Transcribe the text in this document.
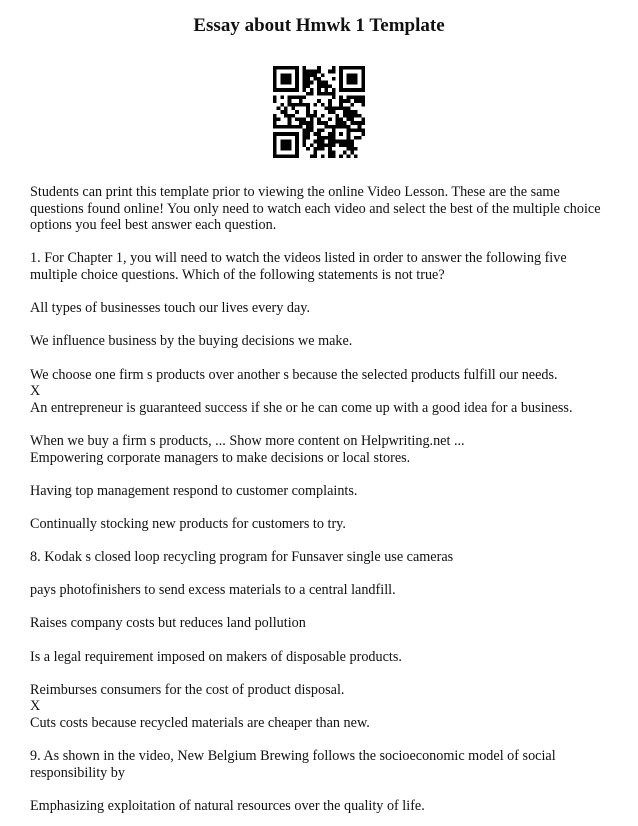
Essay about Hmwk 1 Template
Students can print this template prior to viewing the online Video Lesson. These are the same
questions found online! You only need to watch each video and select the best of the multiple choice
options you feel best answer each question.
1. For Chapter 1, you will need to watch the videos listed in order to answer the following five
multiple choice questions. Which of the following statements is not true?
All types of businesses touch our lives every day.
We influence business by the buying decisions we make.
We choose one firm s products over another s because the selected products fulfill our needs.
X
An entrepreneur is guaranteed success if she or he can come up with a good idea for a business.
When we buy a firm s products, ... Show more content on Helpwriting.net ...
Empowering corporate managers to make decisions or local stores.
Having top management respond to customer complaints.
Continually stocking new products for customers to try.
8. Kodak s closed loop recycling program for Funsaver single use cameras
pays photofinishers to send excess materials to a central landfill.
Raises company costs but reduces land pollution
Is a legal requirement imposed on makers of disposable products.
Reimburses consumers for the cost of product disposal.
X
Cuts costs because recycled materials are cheaper than new.
9. As shown in the video, New Belgium Brewing follows the socioeconomic model of social
responsibility by
Emphasizing exploitation of natural resources over the quality of life.
